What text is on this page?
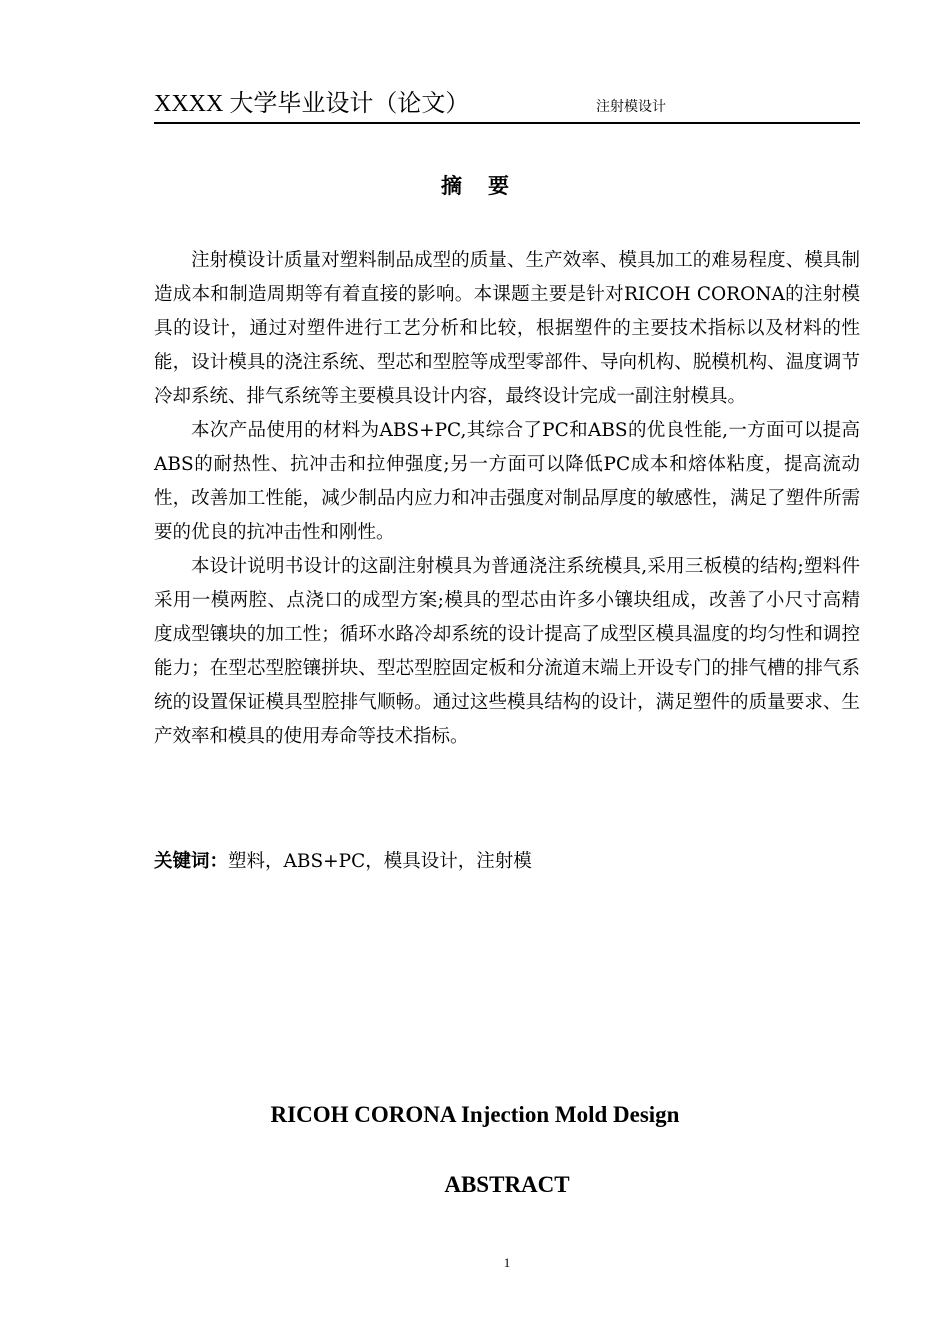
XXXX 大学毕业设计（论文）	注射模设计
摘要

注射模设计质量对塑料制品成型的质量、生产效率、模具加工的难易程度、模具制造成本和制造周期等有着直接的影响。本课题主要是针对RICOH CORONA的注射模具的设计，通过对塑件进行工艺分析和比较，根据塑件的主要技术指标以及材料的性能，设计模具的浇注系统、型芯和型腔等成型零部件、导向机构、脱模机构、温度调节冷却系统、排气系统等主要模具设计内容，最终设计完成一副注射模具。

本次产品使用的材料为ABS+PC,其综合了PC和ABS的优良性能,一方面可以提高ABS的耐热性、抗冲击和拉伸强度;另一方面可以降低PC成本和熔体粘度，提高流动性，改善加工性能，减少制品内应力和冲击强度对制品厚度的敏感性，满足了塑件所需要的优良的抗冲击性和刚性。

本设计说明书设计的这副注射模具为普通浇注系统模具,采用三板模的结构;塑料件采用一模两腔、点浇口的成型方案;模具的型芯由许多小镶块组成，改善了小尺寸高精度成型镶块的加工性；循环水路冷却系统的设计提高了成型区模具温度的均匀性和调控能力；在型芯型腔镶拼块、型芯型腔固定板和分流道末端上开设专门的排气槽的排气系统的设置保证模具型腔排气顺畅。通过这些模具结构的设计，满足塑件的质量要求、生产效率和模具的使用寿命等技术指标。

关键词：塑料，ABS+PC，模具设计，注射模
RICOH CORONA Injection Mold Design
ABSTRACT
1
